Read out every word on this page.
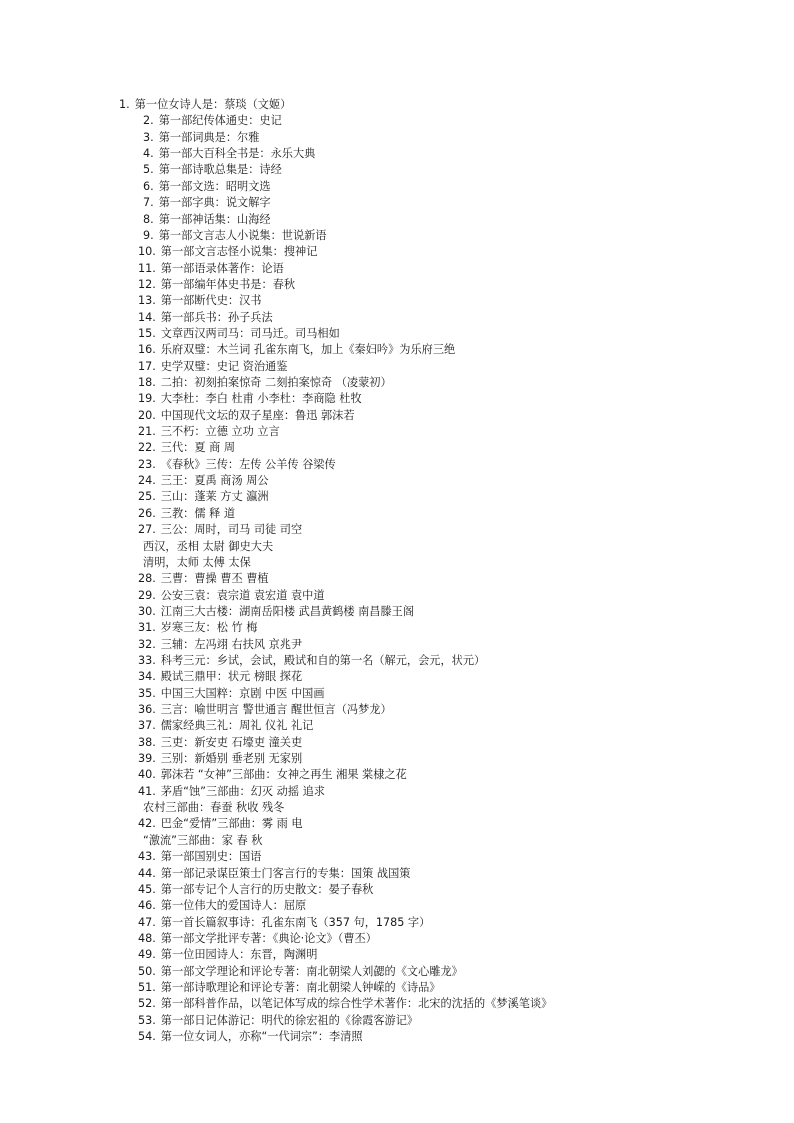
1. 第一位女诗人是：蔡琰（文姬）
2. 第一部纪传体通史：史记
3. 第一部词典是：尔雅
4. 第一部大百科全书是：永乐大典
5. 第一部诗歌总集是：诗经
6. 第一部文选：昭明文选
7. 第一部字典：说文解字
8. 第一部神话集：山海经
9. 第一部文言志人小说集：世说新语
10. 第一部文言志怪小说集：搜神记
11. 第一部语录体著作：论语
12. 第一部编年体史书是：春秋
13. 第一部断代史：汉书
14. 第一部兵书：孙子兵法
15. 文章西汉两司马：司马迁。司马相如
16. 乐府双璧：木兰词 孔雀东南飞，加上《秦妇吟》为乐府三绝
17. 史学双璧：史记 资治通鉴
18. 二拍：初刻拍案惊奇 二刻拍案惊奇 （凌蒙初）
19. 大李杜：李白 杜甫 小李杜：李商隐 杜牧
20. 中国现代文坛的双子星座：鲁迅 郭沫若
21. 三不朽：立德 立功 立言
22. 三代：夏 商 周
23. 《春秋》三传：左传 公羊传 谷梁传
24. 三王：夏禹 商汤 周公
25. 三山：蓬莱 方丈 瀛洲
26. 三教：儒 释 道
27. 三公：周时，司马 司徒 司空
西汉，丞相 太尉 御史大夫
清明，太师 太傅 太保
28. 三曹：曹操 曹丕 曹植
29. 公安三袁：袁宗道 袁宏道 袁中道
30. 江南三大古楼：湖南岳阳楼 武昌黄鹤楼 南昌滕王阁
31. 岁寒三友：松 竹 梅
32. 三辅：左冯翊 右扶风 京兆尹
33. 科考三元：乡试，会试，殿试和自的第一名（解元，会元，状元）
34. 殿试三鼎甲：状元 榜眼 探花
35. 中国三大国粹：京剧 中医 中国画
36. 三言：喻世明言 警世通言 醒世恒言（冯梦龙）
37. 儒家经典三礼：周礼 仪礼 礼记
38. 三吏：新安吏 石壕吏 潼关吏
39. 三别：新婚别 垂老别 无家别
40. 郭沫若 “女神”三部曲：女神之再生 湘果 棠棣之花
41. 茅盾“蚀”三部曲：幻灭 动摇 追求
农村三部曲：春蚕 秋收 残冬
42. 巴金“爱情”三部曲：雾 雨 电
“激流”三部曲：家 春 秋
43. 第一部国别史：国语
44. 第一部记录谋臣策士门客言行的专集：国策 战国策
45. 第一部专记个人言行的历史散文：晏子春秋
46. 第一位伟大的爱国诗人：屈原
47. 第一首长篇叙事诗：孔雀东南飞（357 句，1785 字）
48. 第一部文学批评专著：《典论·论文》（曹丕）
49. 第一位田园诗人：东晋，陶渊明
50. 第一部文学理论和评论专著：南北朝梁人刘勰的《文心雕龙》
51. 第一部诗歌理论和评论专著：南北朝梁人钟嵘的《诗品》
52. 第一部科普作品，以笔记体写成的综合性学术著作：北宋的沈括的《梦溪笔谈》
53. 第一部日记体游记：明代的徐宏祖的《徐霞客游记》
54. 第一位女词人，亦称“一代词宗”：李清照
